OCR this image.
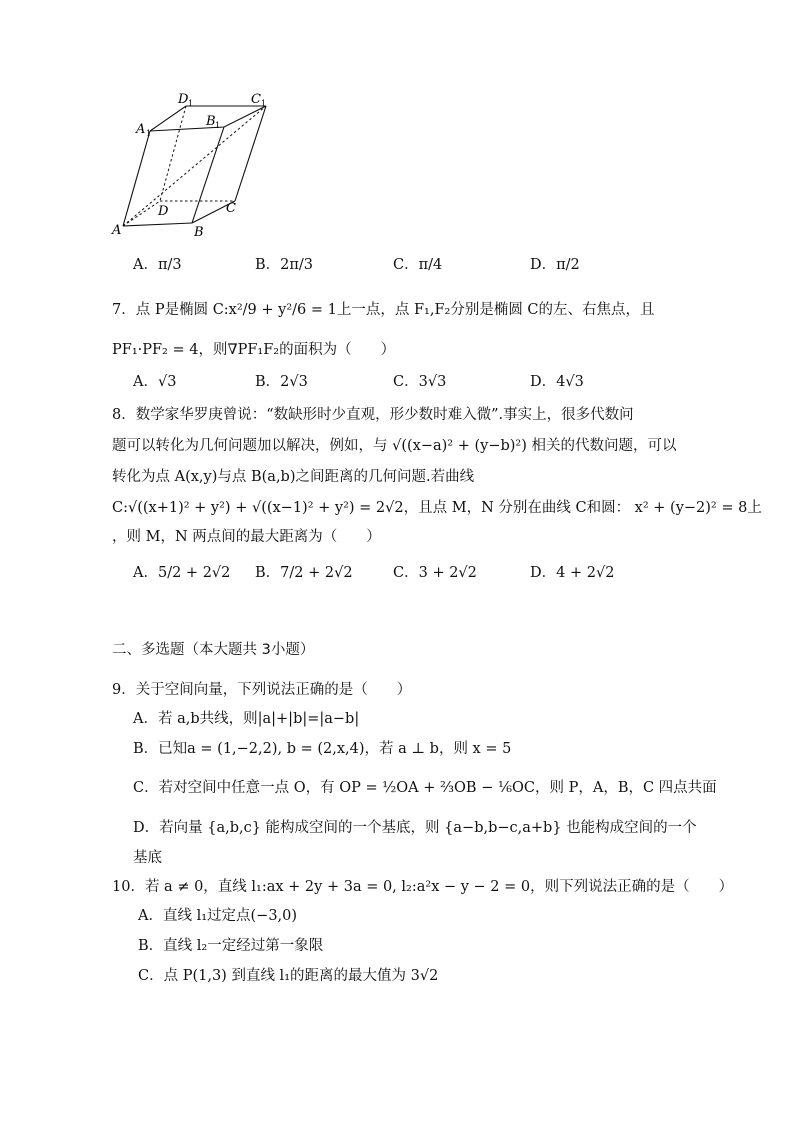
D 1	C 1
A 1
B 1
D	C
A	B
A．π/3	B．2π/3	C．π/4	D．π/2
7．点 P是椭圆 C:x²/9 + y²/6 = 1上一点，点 F₁,F₂分别是椭圆 C的左、右焦点，且
PF₁·PF₂ = 4，则∇PF₁F₂的面积为（　　）
A．√3	B．2√3	C．3√3	D．4√3
8．数学家华罗庚曾说：“数缺形时少直观，形少数时难入微”.事实上，很多代数问
题可以转化为几何问题加以解决，例如，与 √((x−a)² + (y−b)²) 相关的代数问题，可以
转化为点 A(x,y)与点 B(a,b)之间距离的几何问题.若曲线
C:√((x+1)² + y²) + √((x−1)² + y²) = 2√2，且点 M，N 分别在曲线 C和圆： x² + (y−2)² = 8上
，则 M，N 两点间的最大距离为（　　）
A．5/2 + 2√2 B．7/2 + 2√2	C．3 + 2√2	D．4 + 2√2
二、多选题（本大题共 3小题）
9．关于空间向量，下列说法正确的是（　　）
A．若 a,b共线，则|a|+|b|=|a−b|
B．已知a = (1,−2,2), b = (2,x,4)，若 a ⊥ b，则 x = 5
C．若对空间中任意一点 O，有 OP = ½OA + ⅔OB − ⅙OC，则 P，A，B，C 四点共面
D．若向量 {a,b,c} 能构成空间的一个基底，则 {a−b,b−c,a+b} 也能构成空间的一个
基底
10．若 a ≠ 0，直线 l₁:ax + 2y + 3a = 0, l₂:a²x − y − 2 = 0，则下列说法正确的是（　　）
A．直线 l₁过定点(−3,0)
B．直线 l₂一定经过第一象限
C．点 P(1,3) 到直线 l₁的距离的最大值为 3√2
